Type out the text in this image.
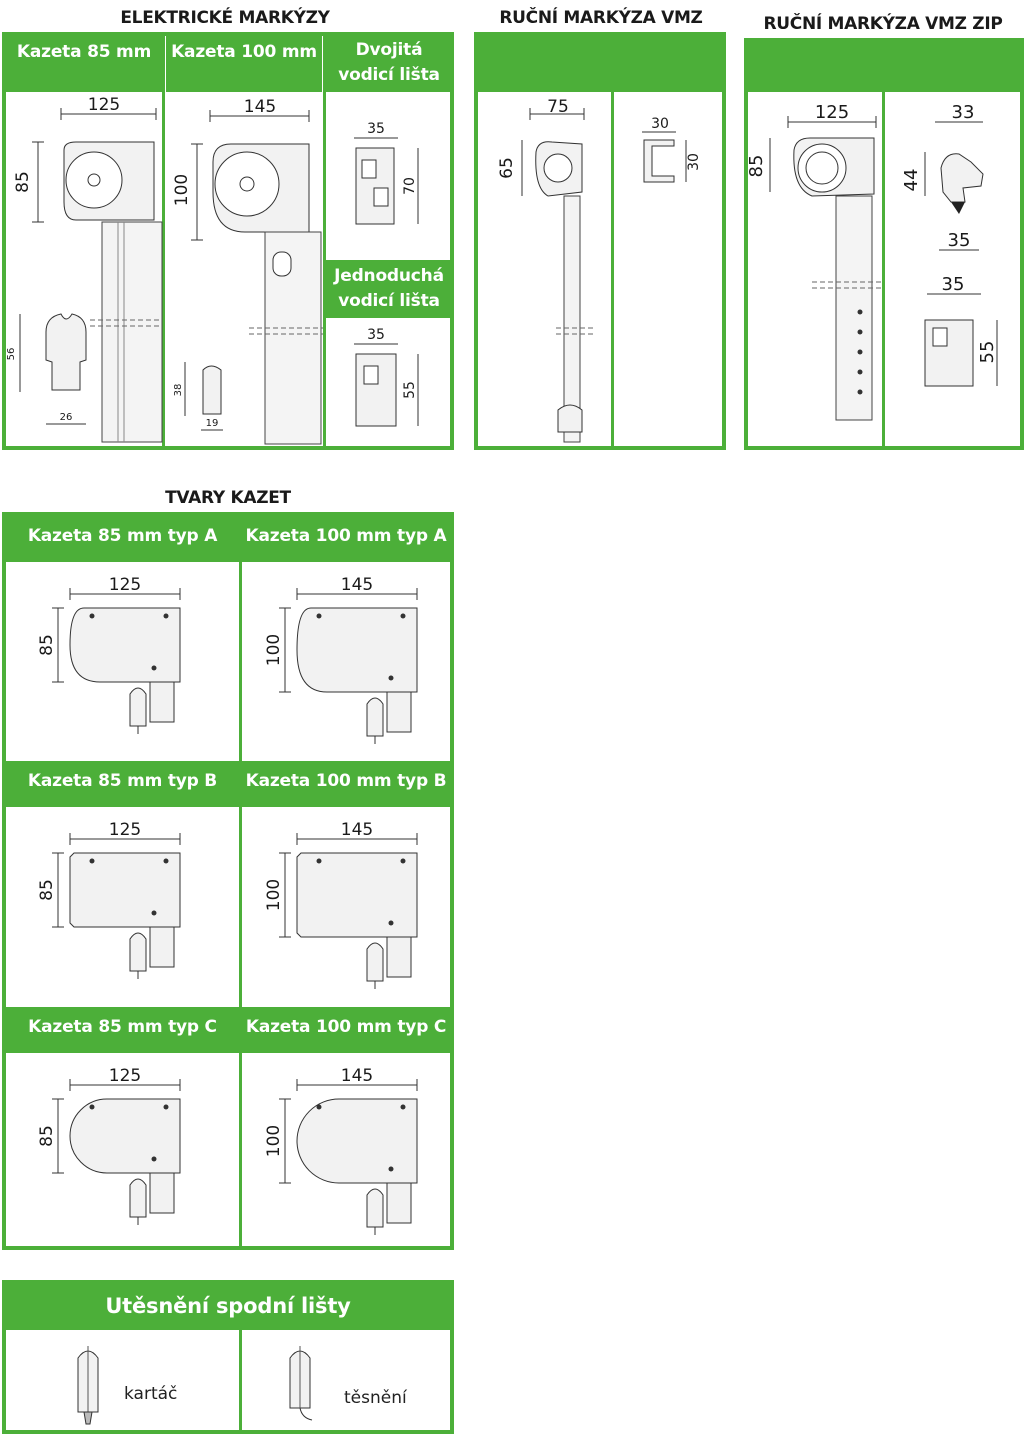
ELEKTRICKÉ MARKÝZY	RUČNÍ MARKÝZA VMZ	RUČNÍ MARKÝZA VMZ ZIP
Kazeta 85 mm	Kazeta 100 mm	Dvojitá
vodicí lišta
Jednoduchá
vodicí lišta
125
85
26
56
145
100
19
38
35
70
35
55
75
65
30
30
125
85
33
44
35
35
55
TVARY KAZET
Kazeta 85 mm typ A
125
85
Kazeta 100 mm typ A
145
100
Kazeta 85 mm typ B
125
85
Kazeta 100 mm typ B
145
100
Kazeta 85 mm typ C
125
85
Kazeta 100 mm typ C
145
100
Utěsnění spodní lišty
kartáč	těsnění
